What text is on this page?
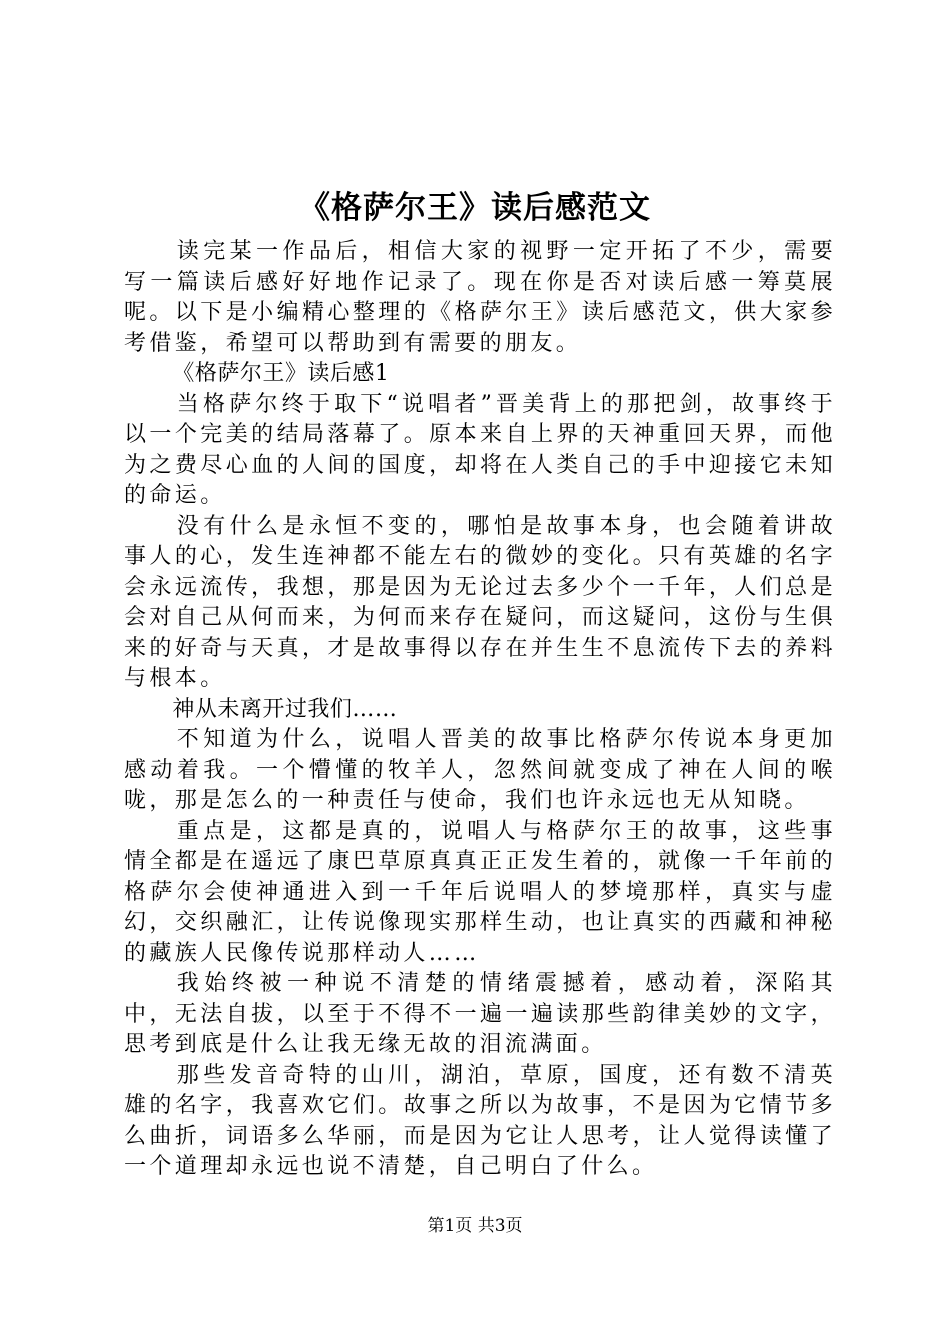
《格萨尔王》读后感范文

读完某一作品后，相信大家的视野一定开拓了不少，需要写一篇读后感好好地作记录了。现在你是否对读后感一筹莫展呢。以下是小编精心整理的《格萨尔王》读后感范文，供大家参考借鉴，希望可以帮助到有需要的朋友。

《格萨尔王》读后感1

当格萨尔终于取下“说唱者”晋美背上的那把剑，故事终于以一个完美的结局落幕了。原本来自上界的天神重回天界，而他为之费尽心血的人间的国度，却将在人类自己的手中迎接它未知的命运。

没有什么是永恒不变的，哪怕是故事本身，也会随着讲故事人的心，发生连神都不能左右的微妙的变化。只有英雄的名字会永远流传，我想，那是因为无论过去多少个一千年，人们总是会对自己从何而来，为何而来存在疑问，而这疑问，这份与生俱来的好奇与天真，才是故事得以存在并生生不息流传下去的养料与根本。

神从未离开过我们……

不知道为什么，说唱人晋美的故事比格萨尔传说本身更加感动着我。一个懵懂的牧羊人，忽然间就变成了神在人间的喉咙，那是怎么的一种责任与使命，我们也许永远也无从知晓。

重点是，这都是真的，说唱人与格萨尔王的故事，这些事情全都是在遥远了康巴草原真真正正发生着的，就像一千年前的格萨尔会使神通进入到一千年后说唱人的梦境那样，真实与虚幻，交织融汇，让传说像现实那样生动，也让真实的西藏和神秘的藏族人民像传说那样动人……

我始终被一种说不清楚的情绪震撼着，感动着，深陷其中，无法自拔，以至于不得不一遍一遍读那些韵律美妙的文字，思考到底是什么让我无缘无故的泪流满面。

那些发音奇特的山川，湖泊，草原，国度，还有数不清英雄的名字，我喜欢它们。故事之所以为故事，不是因为它情节多么曲折，词语多么华丽，而是因为它让人思考，让人觉得读懂了一个道理却永远也说不清楚，自己明白了什么。

第1页 共3页
